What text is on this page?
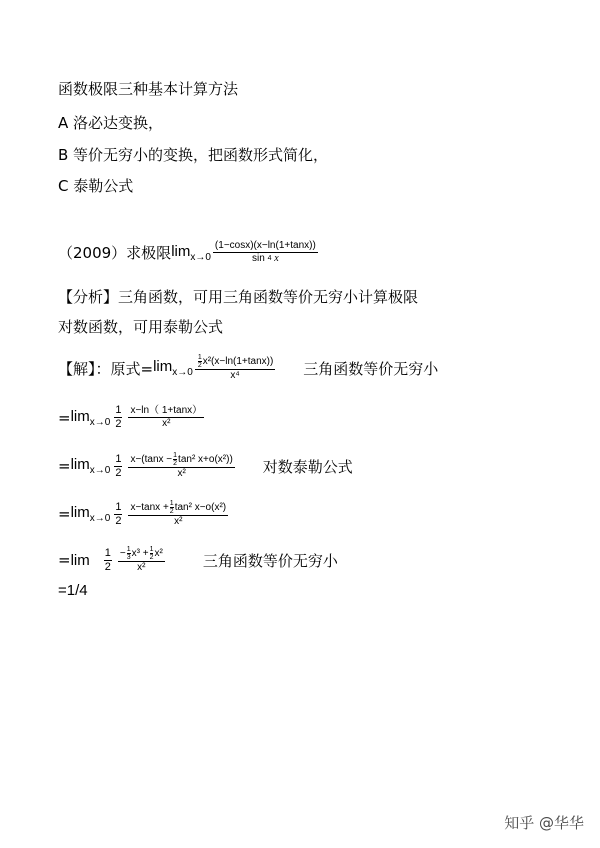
函数极限三种基本计算方法
A 洛必达变换，
B 等价无穷小的变换，把函数形式简化，
C 泰勒公式
（2009）求极限 $\lim_{x\to 0} (1-\cos x)(x-\ln(1+\tan x))$
sin
4
x
【分析】三角函数，可用三角函数等价无穷小计算极限
对数函数，可用泰勒公式
【解】：原式= $\lim_{x\to 0} \frac{\frac{1}{2} x^2(x-\ln(1+\tan x))}{\text{x⁴}}$ 三角函数等价无穷小
= $\lim_{x\to 0} \frac{1}{2} \frac{x-\ln( 1+\tan x)}{\text{x²}}$
= $\lim_{x\to 0} \frac{1}{2} \frac{x-(\tan x - \frac{1}{2} \tan^2 x+o(x^2))}{\text{x²}}$ 对数泰勒公式
= $\lim_{x\to 0} \frac{1}{2} \frac{x-\tan x + \frac{1}{2} \tan^2 x-o(x^2)}{\text{x²}}$
= $\lim \frac{1}{2} \frac{- \frac{1}{3} x^3 + \frac{1}{2} x^2}{\text{x²}}$	三角函数等价无穷小
=1/4
知乎 @华华
